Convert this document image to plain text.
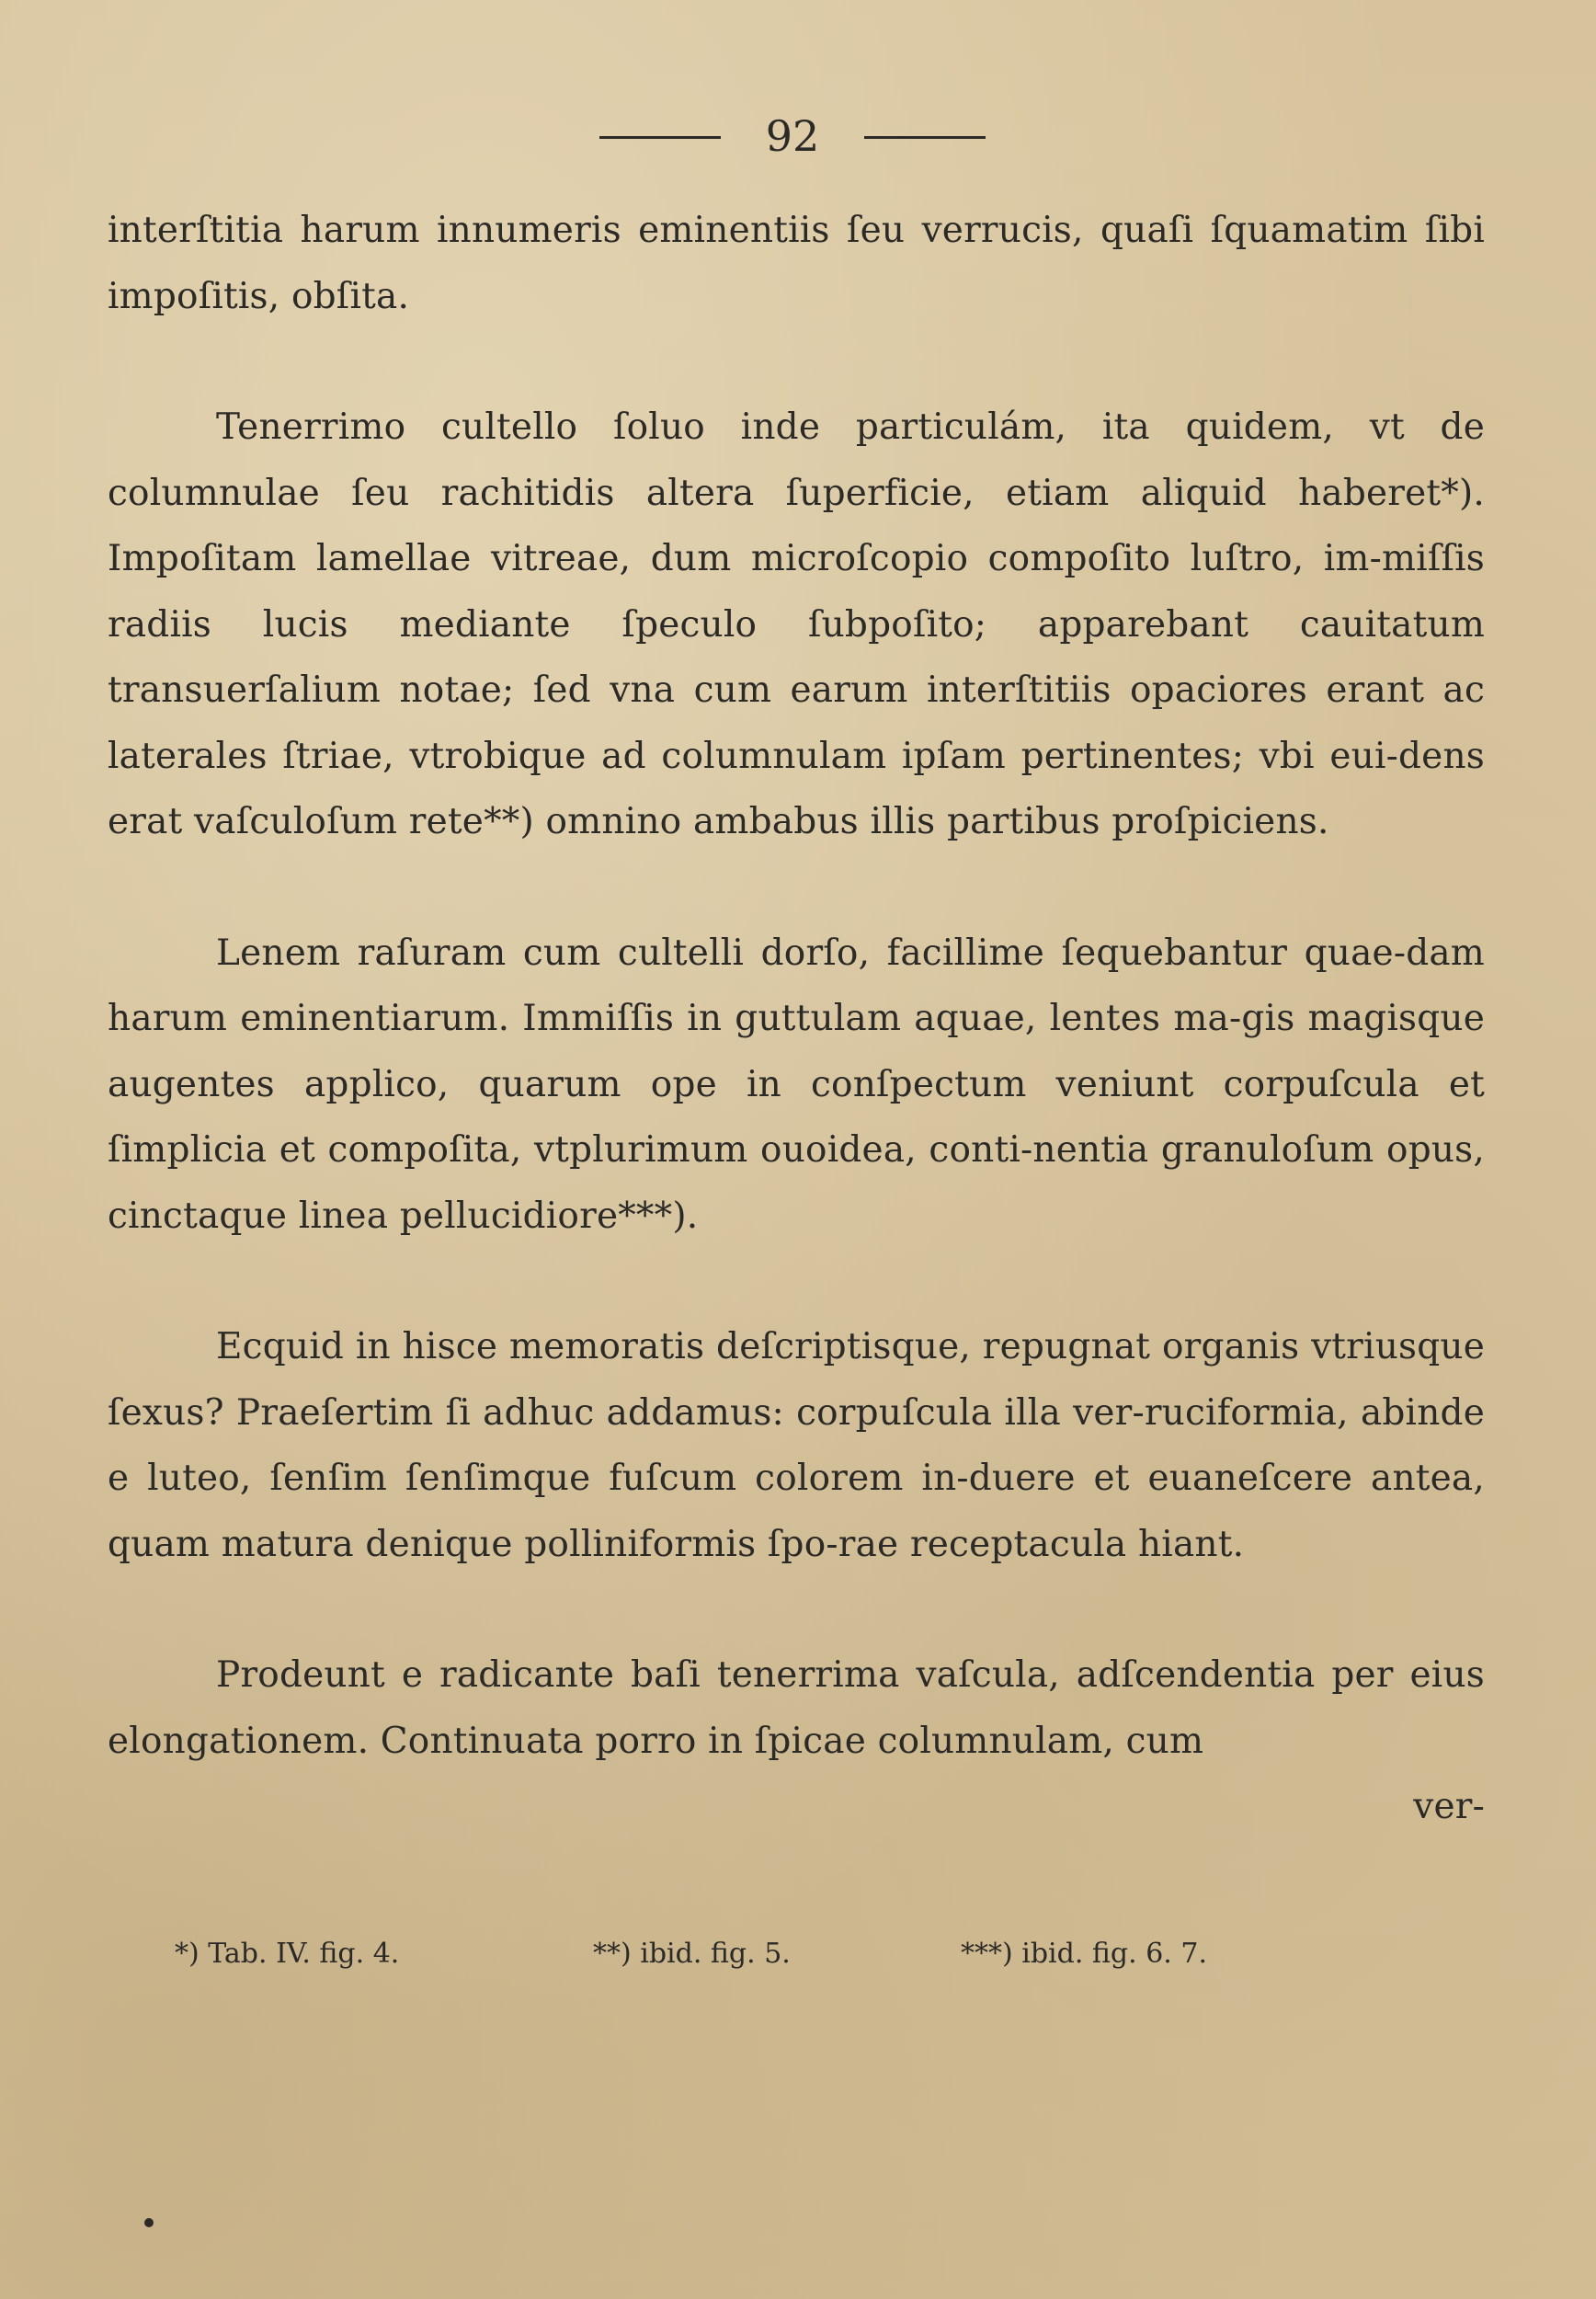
92

interſtitia harum innumeris eminentiis ſeu verrucis, quaſi ſquamatim ſibi impoſitis, obſita.

Tenerrimo cultello ſoluo inde particulám, ita quidem, vt de columnulae ſeu rachitidis altera ſuperficie, etiam aliquid haberet*). Impoſitam lamellae vitreae, dum microſcopio compoſito luſtro, im-miſſis radiis lucis mediante ſpeculo ſubpoſito; apparebant cauitatum transuerſalium notae; ſed vna cum earum interſtitiis opaciores erant ac laterales ſtriae, vtrobique ad columnulam ipſam pertinentes; vbi eui-dens erat vaſculoſum rete**) omnino ambabus illis partibus proſpiciens.

Lenem raſuram cum cultelli dorſo, facillime ſequebantur quae-dam harum eminentiarum. Immiſſis in guttulam aquae, lentes ma-gis magisque augentes applico, quarum ope in conſpectum veniunt corpuſcula et ſimplicia et compoſita, vtplurimum ouoidea, conti-nentia granuloſum opus, cinctaque linea pellucidiore***).

Ecquid in hisce memoratis deſcriptisque, repugnat organis vtriusque ſexus? Praeſertim ſi adhuc addamus: corpuſcula illa ver-ruciformia, abinde e luteo, ſenſim ſenſimque fuſcum colorem in-duere et euaneſcere antea, quam matura denique polliniformis ſpo-rae receptacula hiant.

Prodeunt e radicante baſi tenerrima vaſcula, adſcendentia per eius elongationem. Continuata porro in ſpicae columnulam, cum

ver-

*) Tab. IV. fig. 4.	**) ibid. fig. 5.	***) ibid. fig. 6. 7.
